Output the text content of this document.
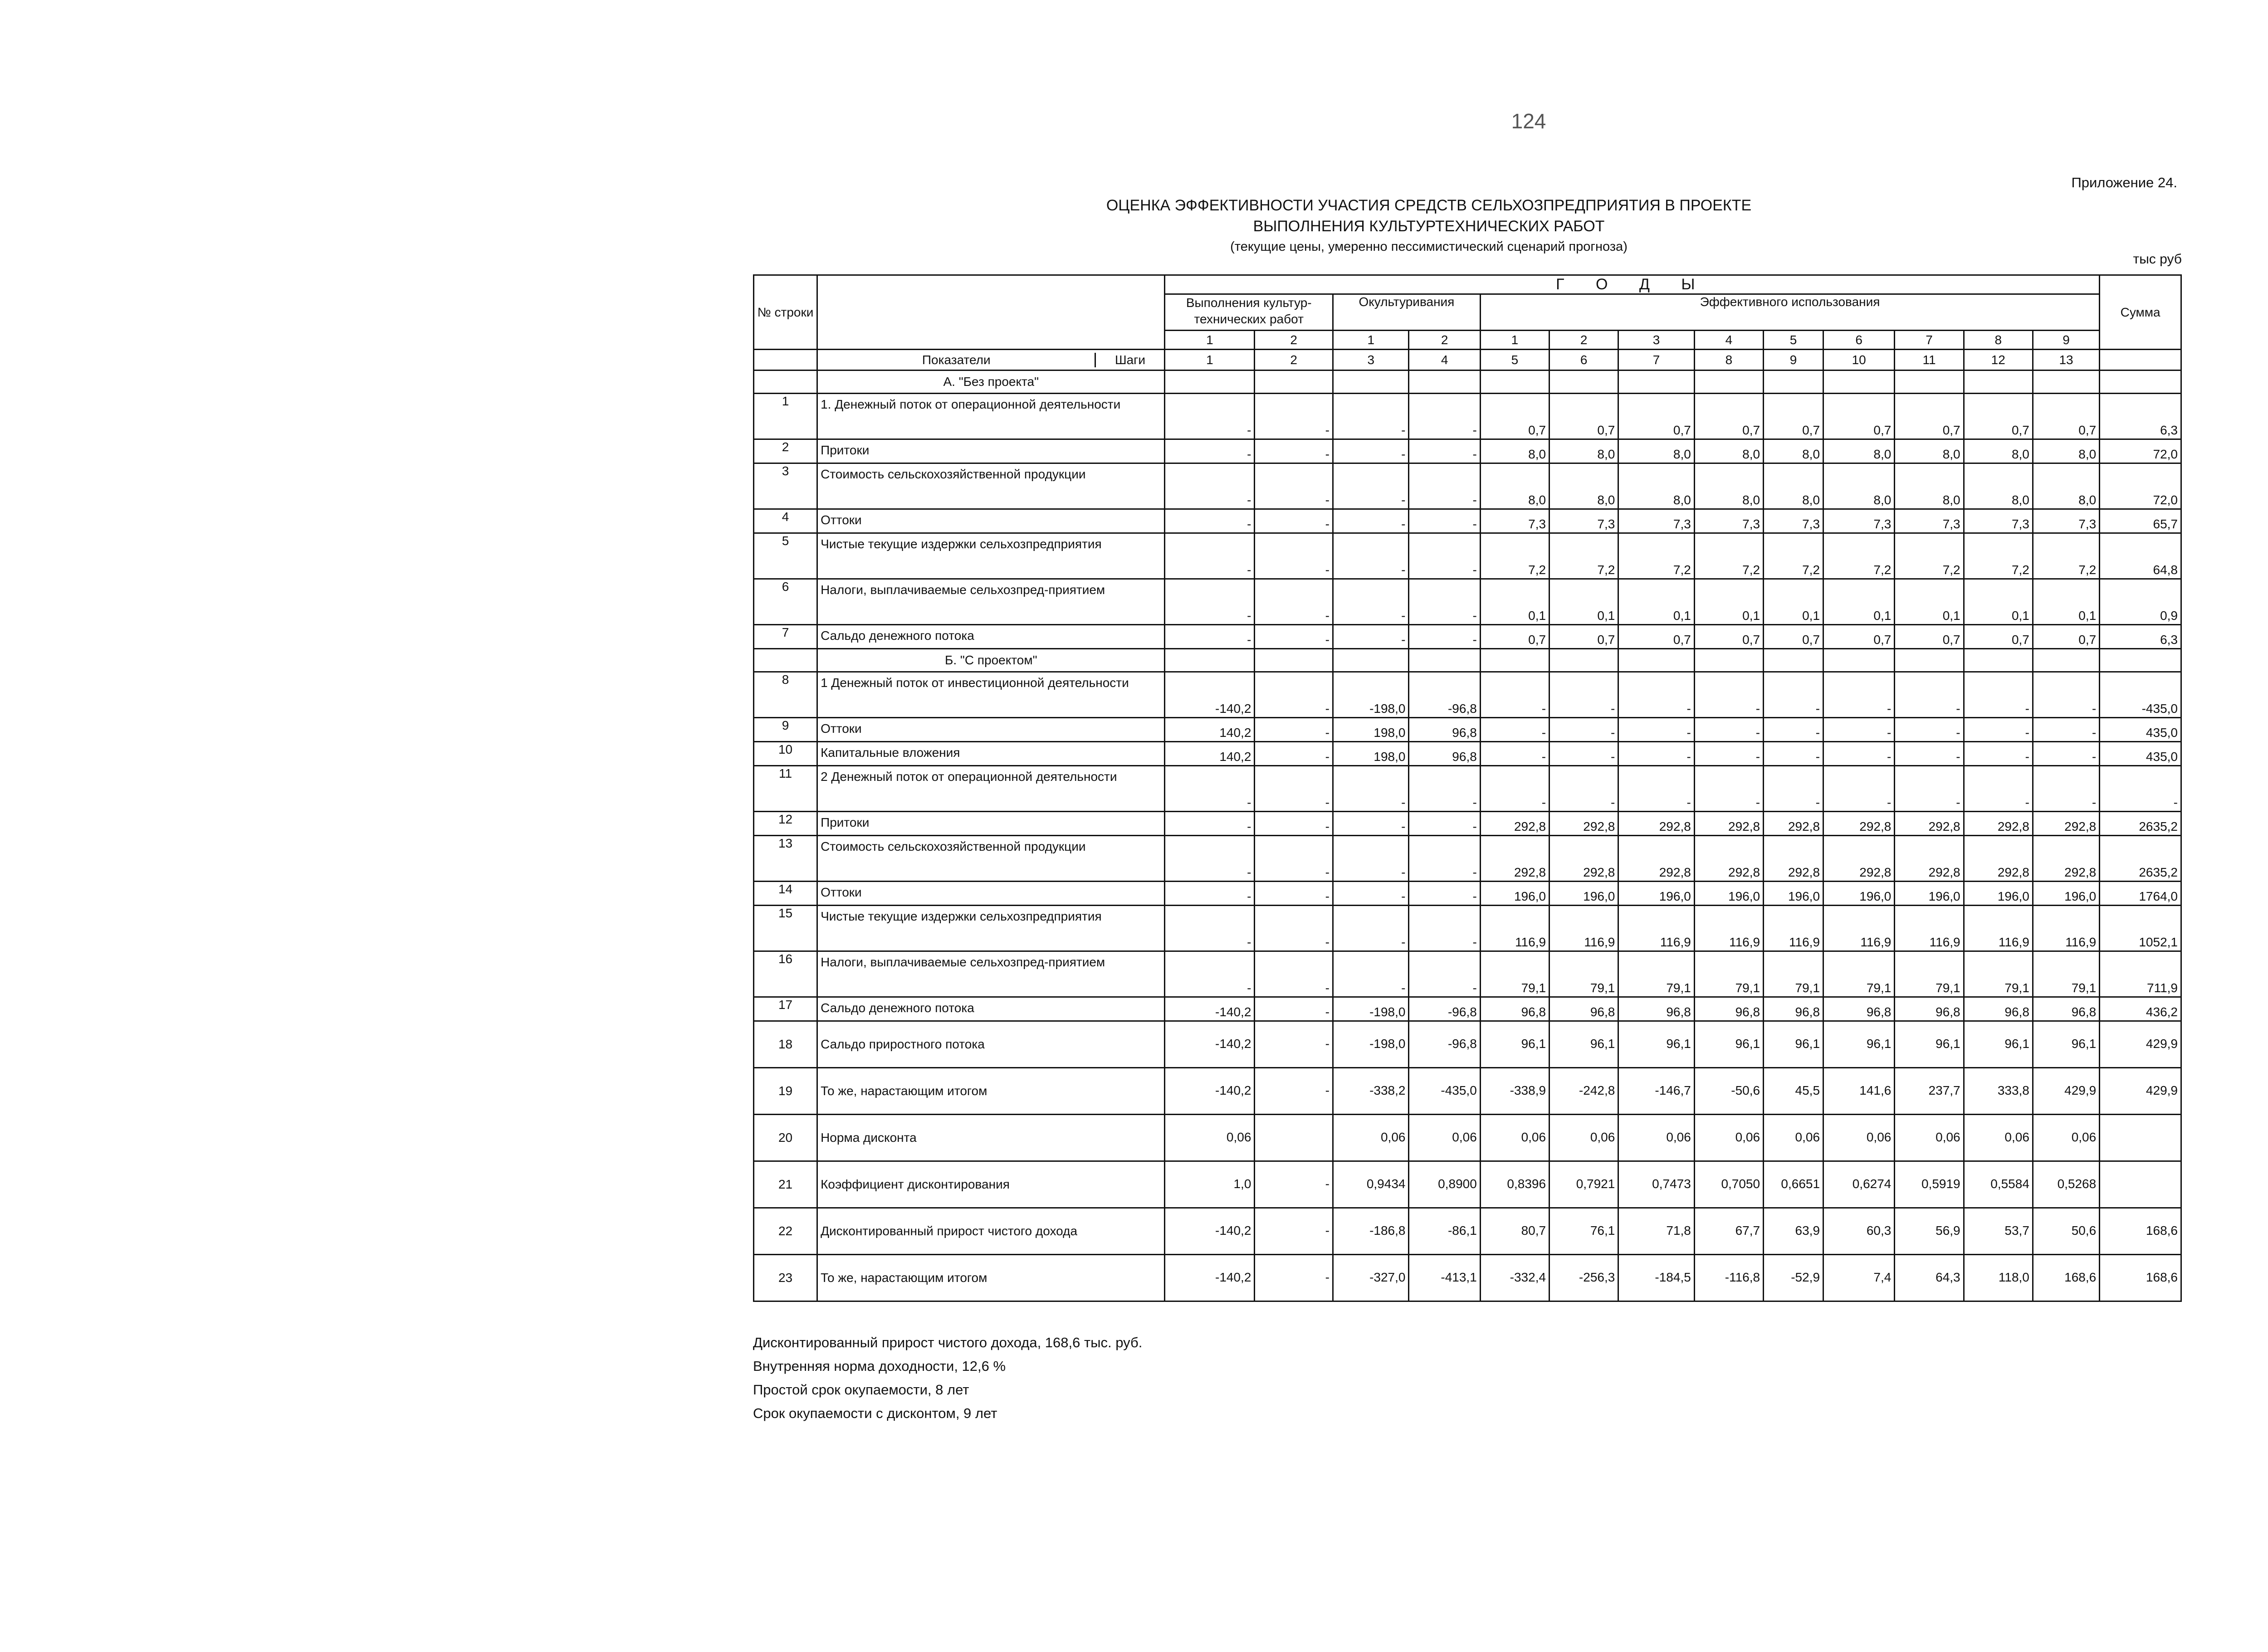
124
Приложение 24.
ОЦЕНКА ЭФФЕКТИВНОСТИ УЧАСТИЯ СРЕДСТВ СЕЛЬХОЗПРЕДПРИЯТИЯ В ПРОЕКТЕ
ВЫПОЛНЕНИЯ КУЛЬТУРТЕХНИЧЕСКИХ РАБОТ
(текущие цены, умеренно пессимистический сценарий прогноза)
тыс руб
№ строки		Г О Д Ы													Сумма
		Выполнения культур-технических работ		Окультуривания		Эффективного использования									
		1	2	1	2	1	2	3	4	5	6	7	8	9	

	Показатели Шаги	1	2	3	4	5	6	7	8	9	10	11	12	13	
	А. "Без проекта"														
1	1. Денежный поток от операционной деятельности	-	-	-	-	0,7	0,7	0,7	0,7	0,7	0,7	0,7	0,7	0,7	6,3
2	Притоки	-	-	-	-	8,0	8,0	8,0	8,0	8,0	8,0	8,0	8,0	8,0	72,0
3	Стоимость сельскохозяйственной продукции	-	-	-	-	8,0	8,0	8,0	8,0	8,0	8,0	8,0	8,0	8,0	72,0
4	Оттоки	-	-	-	-	7,3	7,3	7,3	7,3	7,3	7,3	7,3	7,3	7,3	65,7
5	Чистые текущие издержки сельхозпредприятия	-	-	-	-	7,2	7,2	7,2	7,2	7,2	7,2	7,2	7,2	7,2	64,8
6	Налоги, выплачиваемые сельхозпред-приятием	-	-	-	-	0,1	0,1	0,1	0,1	0,1	0,1	0,1	0,1	0,1	0,9
7	Сальдо денежного потока	-	-	-	-	0,7	0,7	0,7	0,7	0,7	0,7	0,7	0,7	0,7	6,3
	Б. "С проектом"														
8	1 Денежный поток от инвестиционной деятельности	-140,2	-	-198,0	-96,8	-	-	-	-	-	-	-	-	-	-435,0
9	Оттоки	140,2	-	198,0	96,8	-	-	-	-	-	-	-	-	-	435,0
10	Капитальные вложения	140,2	-	198,0	96,8	-	-	-	-	-	-	-	-	-	435,0
11	2 Денежный поток от операционной деятельности	-	-	-	-	-	-	-	-	-	-	-	-	-	-
12	Притоки	-	-	-	-	292,8	292,8	292,8	292,8	292,8	292,8	292,8	292,8	292,8	2635,2
13	Стоимость сельскохозяйственной продукции	-	-	-	-	292,8	292,8	292,8	292,8	292,8	292,8	292,8	292,8	292,8	2635,2
14	Оттоки	-	-	-	-	196,0	196,0	196,0	196,0	196,0	196,0	196,0	196,0	196,0	1764,0
15	Чистые текущие издержки сельхозпредприятия	-	-	-	-	116,9	116,9	116,9	116,9	116,9	116,9	116,9	116,9	116,9	1052,1
16	Налоги, выплачиваемые сельхозпред-приятием	-	-	-	-	79,1	79,1	79,1	79,1	79,1	79,1	79,1	79,1	79,1	711,9
17	Сальдо денежного потока	-140,2	-	-198,0	-96,8	96,8	96,8	96,8	96,8	96,8	96,8	96,8	96,8	96,8	436,2
18	Сальдо прироcтного потока	-140,2	-	-198,0	-96,8	96,1	96,1	96,1	96,1	96,1	96,1	96,1	96,1	96,1	429,9
19	То же, нарастающим итогом	-140,2	-	-338,2	-435,0	-338,9	-242,8	-146,7	-50,6	45,5	141,6	237,7	333,8	429,9	429,9
20	Норма дисконта	0,06		0,06	0,06	0,06	0,06	0,06	0,06	0,06	0,06	0,06	0,06	0,06	
21	Коэффициент дисконтирования	1,0	-	0,9434	0,8900	0,8396	0,7921	0,7473	0,7050	0,6651	0,6274	0,5919	0,5584	0,5268	
22	Дисконтированный прирост чистого дохода	-140,2	-	-186,8	-86,1	80,7	76,1	71,8	67,7	63,9	60,3	56,9	53,7	50,6	168,6
23	То же, нарастающим итогом	-140,2	-	-327,0	-413,1	-332,4	-256,3	-184,5	-116,8	-52,9	7,4	64,3	118,0	168,6	168,6
Дисконтированный прирост чистого дохода, 168,6 тыс. руб.
Внутренняя норма доходности, 12,6 %
Простой срок окупаемости, 8 лет
Срок окупаемости с дисконтом, 9 лет
